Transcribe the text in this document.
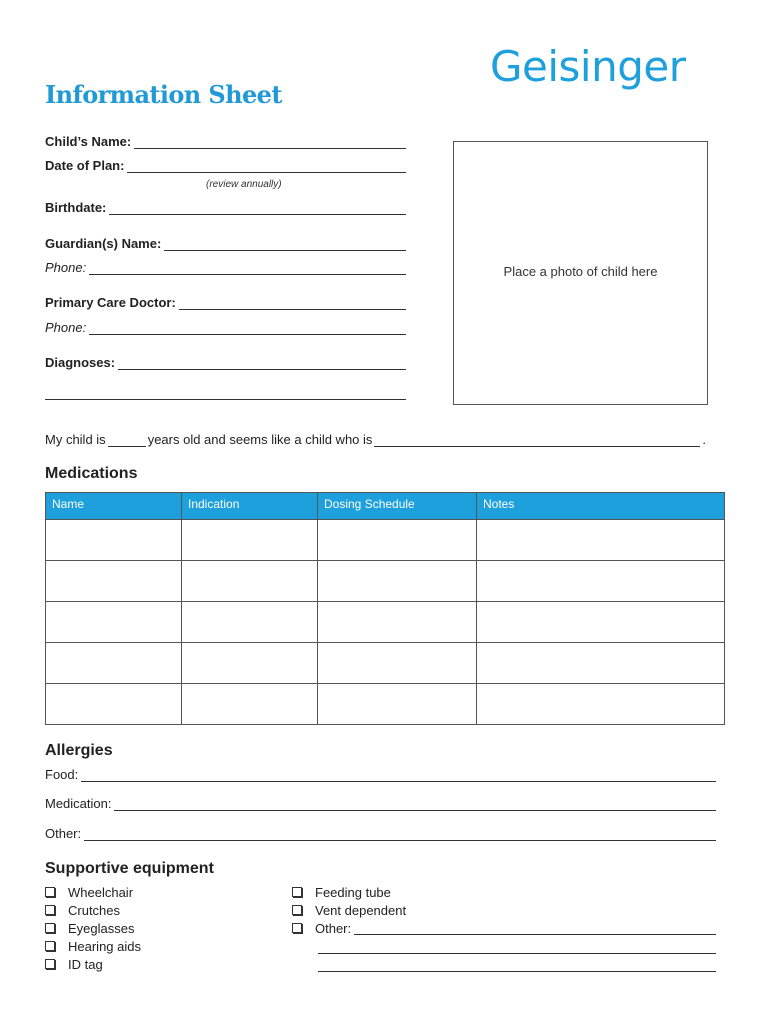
Geisinger
Information Sheet
Child’s Name:
Date of Plan:
(review annually)
Birthdate:
Guardian(s) Name:
Phone:
Primary Care Doctor:
Phone:
Diagnoses:
Place a photo of child here
My child is	years old and seems like a child who is	.
Medications
Name	Indication	Dosing Schedule	Notes

Allergies
Food:
Medication:
Other:
Supportive equipment
Wheelchair
Crutches
Eyeglasses
Hearing aids
ID tag
Feeding tube
Vent dependent
Other:
